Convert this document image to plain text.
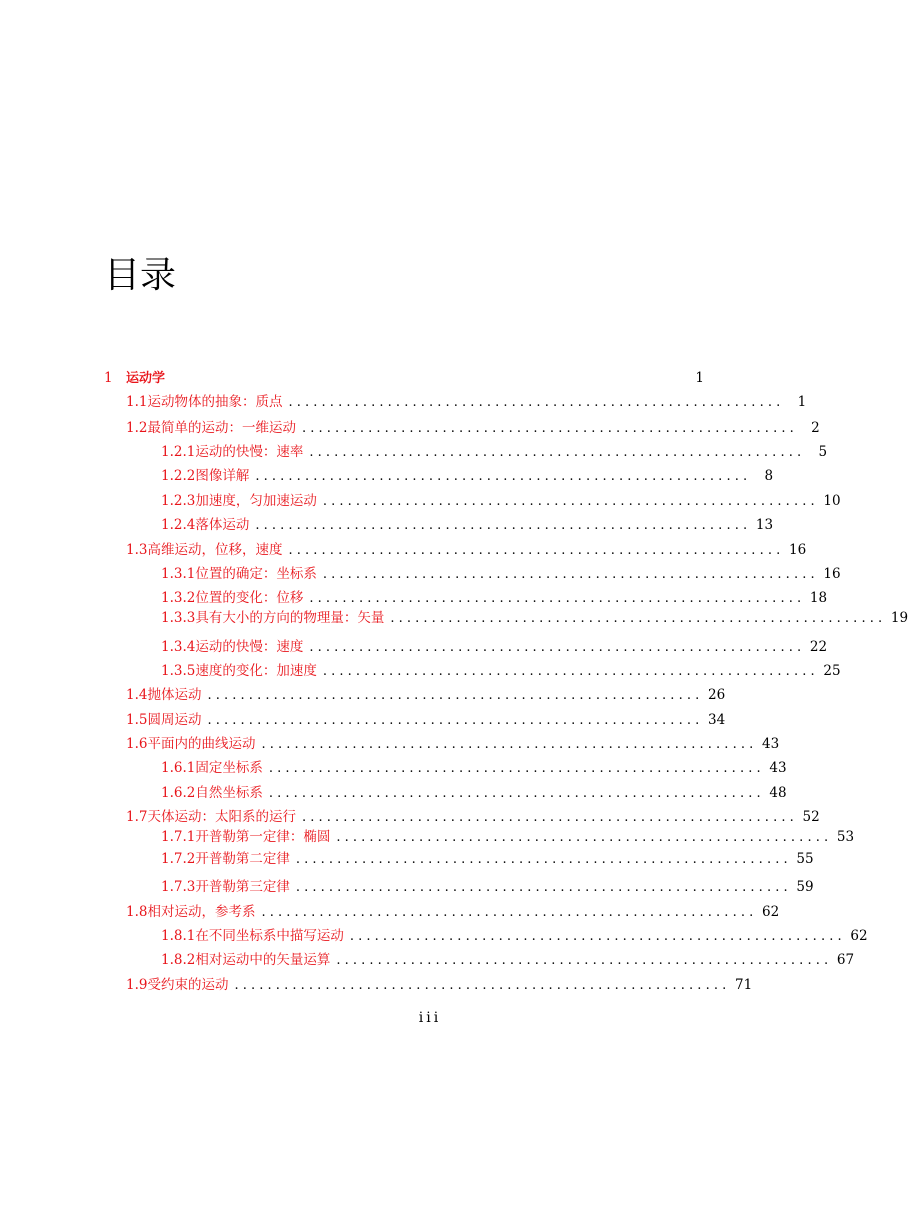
目录
1	运动学	1
1.1 运动物体的抽象：质点 . . . . . . . . . . . . . . . . . . . . . . . . . . . . . . . . . . . . . . . . . . . . . . . . . . . . . . . . . . . .	1
1.2 最简单的运动：一维运动 . . . . . . . . . . . . . . . . . . . . . . . . . . . . . . . . . . . . . . . . . . . . . . . . . . . . . . . . . . . .	2
1.2.1 运动的快慢：速率 . . . . . . . . . . . . . . . . . . . . . . . . . . . . . . . . . . . . . . . . . . . . . . . . . . . . . . . . . . . .	5
1.2.2 图像详解 . . . . . . . . . . . . . . . . . . . . . . . . . . . . . . . . . . . . . . . . . . . . . . . . . . . . . . . . . . . .	8
1.2.3 加速度，匀加速运动 . . . . . . . . . . . . . . . . . . . . . . . . . . . . . . . . . . . . . . . . . . . . . . . . . . . . . . . . . . . . 10
1.2.4 落体运动 . . . . . . . . . . . . . . . . . . . . . . . . . . . . . . . . . . . . . . . . . . . . . . . . . . . . . . . . . . . . 13
1.3 高维运动，位移，速度 . . . . . . . . . . . . . . . . . . . . . . . . . . . . . . . . . . . . . . . . . . . . . . . . . . . . . . . . . . . . 16
1.3.1 位置的确定：坐标系 . . . . . . . . . . . . . . . . . . . . . . . . . . . . . . . . . . . . . . . . . . . . . . . . . . . . . . . . . . . . 16
1.3.2 位置的变化：位移 . . . . . . . . . . . . . . . . . . . . . . . . . . . . . . . . . . . . . . . . . . . . . . . . . . . . . . . . . . . . 18
1.3.3 具有大小的方向的物理量：矢量 . . . . . . . . . . . . . . . . . . . . . . . . . . . . . . . . . . . . . . . . . . . . . . . . . . . . . . . . . . . . 19
1.3.4 运动的快慢：速度 . . . . . . . . . . . . . . . . . . . . . . . . . . . . . . . . . . . . . . . . . . . . . . . . . . . . . . . . . . . . 22
1.3.5 速度的变化：加速度 . . . . . . . . . . . . . . . . . . . . . . . . . . . . . . . . . . . . . . . . . . . . . . . . . . . . . . . . . . . . 25
1.4 抛体运动 . . . . . . . . . . . . . . . . . . . . . . . . . . . . . . . . . . . . . . . . . . . . . . . . . . . . . . . . . . . . 26
1.5 圆周运动 . . . . . . . . . . . . . . . . . . . . . . . . . . . . . . . . . . . . . . . . . . . . . . . . . . . . . . . . . . . . 34
1.6 平面内的曲线运动 . . . . . . . . . . . . . . . . . . . . . . . . . . . . . . . . . . . . . . . . . . . . . . . . . . . . . . . . . . . . 43
1.6.1 固定坐标系 . . . . . . . . . . . . . . . . . . . . . . . . . . . . . . . . . . . . . . . . . . . . . . . . . . . . . . . . . . . . 43
1.6.2 自然坐标系 . . . . . . . . . . . . . . . . . . . . . . . . . . . . . . . . . . . . . . . . . . . . . . . . . . . . . . . . . . . . 48
1.7 天体运动：太阳系的运行 . . . . . . . . . . . . . . . . . . . . . . . . . . . . . . . . . . . . . . . . . . . . . . . . . . . . . . . . . . . . 52
1.7.1 开普勒第一定律：椭圆 . . . . . . . . . . . . . . . . . . . . . . . . . . . . . . . . . . . . . . . . . . . . . . . . . . . . . . . . . . . . 53
1.7.2 开普勒第二定律 . . . . . . . . . . . . . . . . . . . . . . . . . . . . . . . . . . . . . . . . . . . . . . . . . . . . . . . . . . . . 55
1.7.3 开普勒第三定律 . . . . . . . . . . . . . . . . . . . . . . . . . . . . . . . . . . . . . . . . . . . . . . . . . . . . . . . . . . . . 59
1.8 相对运动，参考系 . . . . . . . . . . . . . . . . . . . . . . . . . . . . . . . . . . . . . . . . . . . . . . . . . . . . . . . . . . . . 62
1.8.1 在不同坐标系中描写运动 . . . . . . . . . . . . . . . . . . . . . . . . . . . . . . . . . . . . . . . . . . . . . . . . . . . . . . . . . . . . 62
1.8.2 相对运动中的矢量运算 . . . . . . . . . . . . . . . . . . . . . . . . . . . . . . . . . . . . . . . . . . . . . . . . . . . . . . . . . . . . 67
1.9 受约束的运动 . . . . . . . . . . . . . . . . . . . . . . . . . . . . . . . . . . . . . . . . . . . . . . . . . . . . . . . . . . . . 71
iii
